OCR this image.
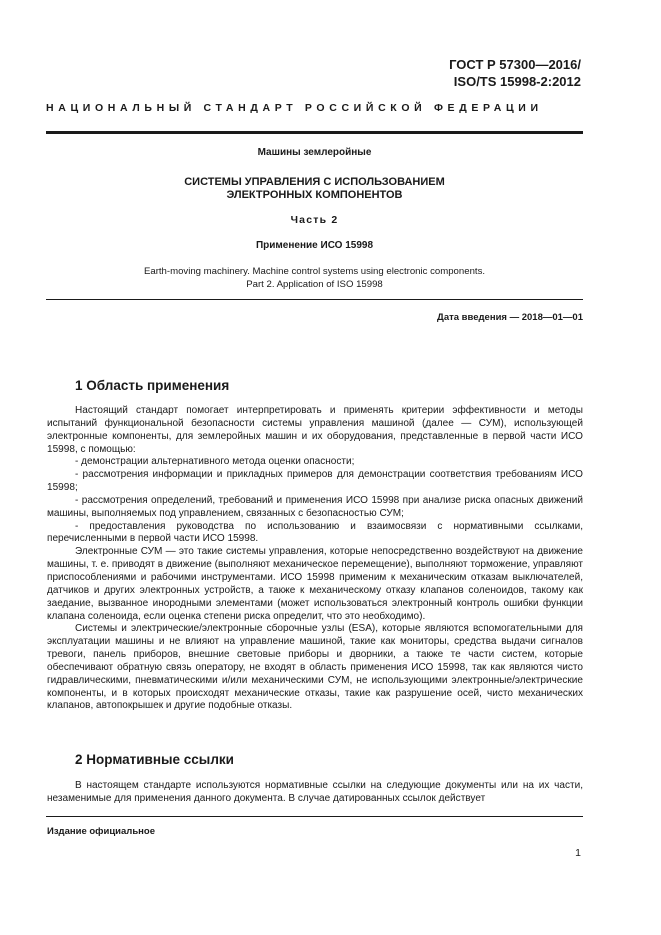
ГОСТ Р 57300—2016/
ISO/TS 15998-2:2012
НАЦИОНАЛЬНЫЙ СТАНДАРТ РОССИЙСКОЙ ФЕДЕРАЦИИ
Машины землеройные
СИСТЕМЫ УПРАВЛЕНИЯ С ИСПОЛЬЗОВАНИЕМ
ЭЛЕКТРОННЫХ КОМПОНЕНТОВ
Часть 2
Применение ИСО 15998
Earth-moving machinery. Machine control systems using electronic components.
Part 2. Application of ISO 15998
Дата введения — 2018—01—01
1 Область применения

Настоящий стандарт помогает интерпретировать и применять критерии эффективности и методы испытаний функциональной безопасности системы управления машиной (далее — СУМ), использующей электронные компоненты, для землеройных машин и их оборудования, представленные в первой части ИСО 15998, с помощью:

- демонстрации альтернативного метода оценки опасности;

- рассмотрения информации и прикладных примеров для демонстрации соответствия требованиям ИСО 15998;

- рассмотрения определений, требований и применения ИСО 15998 при анализе риска опасных движений машины, выполняемых под управлением, связанных с безопасностью СУМ;

- предоставления руководства по использованию и взаимосвязи с нормативными ссылками, перечисленными в первой части ИСО 15998.

Электронные СУМ — это такие системы управления, которые непосредственно воздействуют на движение машины, т. е. приводят в движение (выполняют механическое перемещение), выполняют торможение, управляют приспособлениями и рабочими инструментами. ИСО 15998 применим к механическим отказам выключателей, датчиков и других электронных устройств, а также к механическому отказу клапанов соленоидов, такому как заедание, вызванное инородными элементами (может использоваться электронный контроль ошибки функции клапана соленоида, если оценка степени риска определит, что это необходимо).

Системы и электрические/электронные сборочные узлы (ESA), которые являются вспомогательными для эксплуатации машины и не влияют на управление машиной, такие как мониторы, средства выдачи сигналов тревоги, панель приборов, внешние световые приборы и дворники, а также те части систем, которые обеспечивают обратную связь оператору, не входят в область применения ИСО 15998, так как являются чисто гидравлическими, пневматическими и/или механическими СУМ, не использующими электронные/электрические компоненты, и в которых происходят механические отказы, такие как разрушение осей, чисто механических клапанов, автопокрышек и другие подобные отказы.

2 Нормативные ссылки

В настоящем стандарте используются нормативные ссылки на следующие документы или на их части, незаменимые для применения данного документа. В случае датированных ссылок действует

Издание официальное
1
